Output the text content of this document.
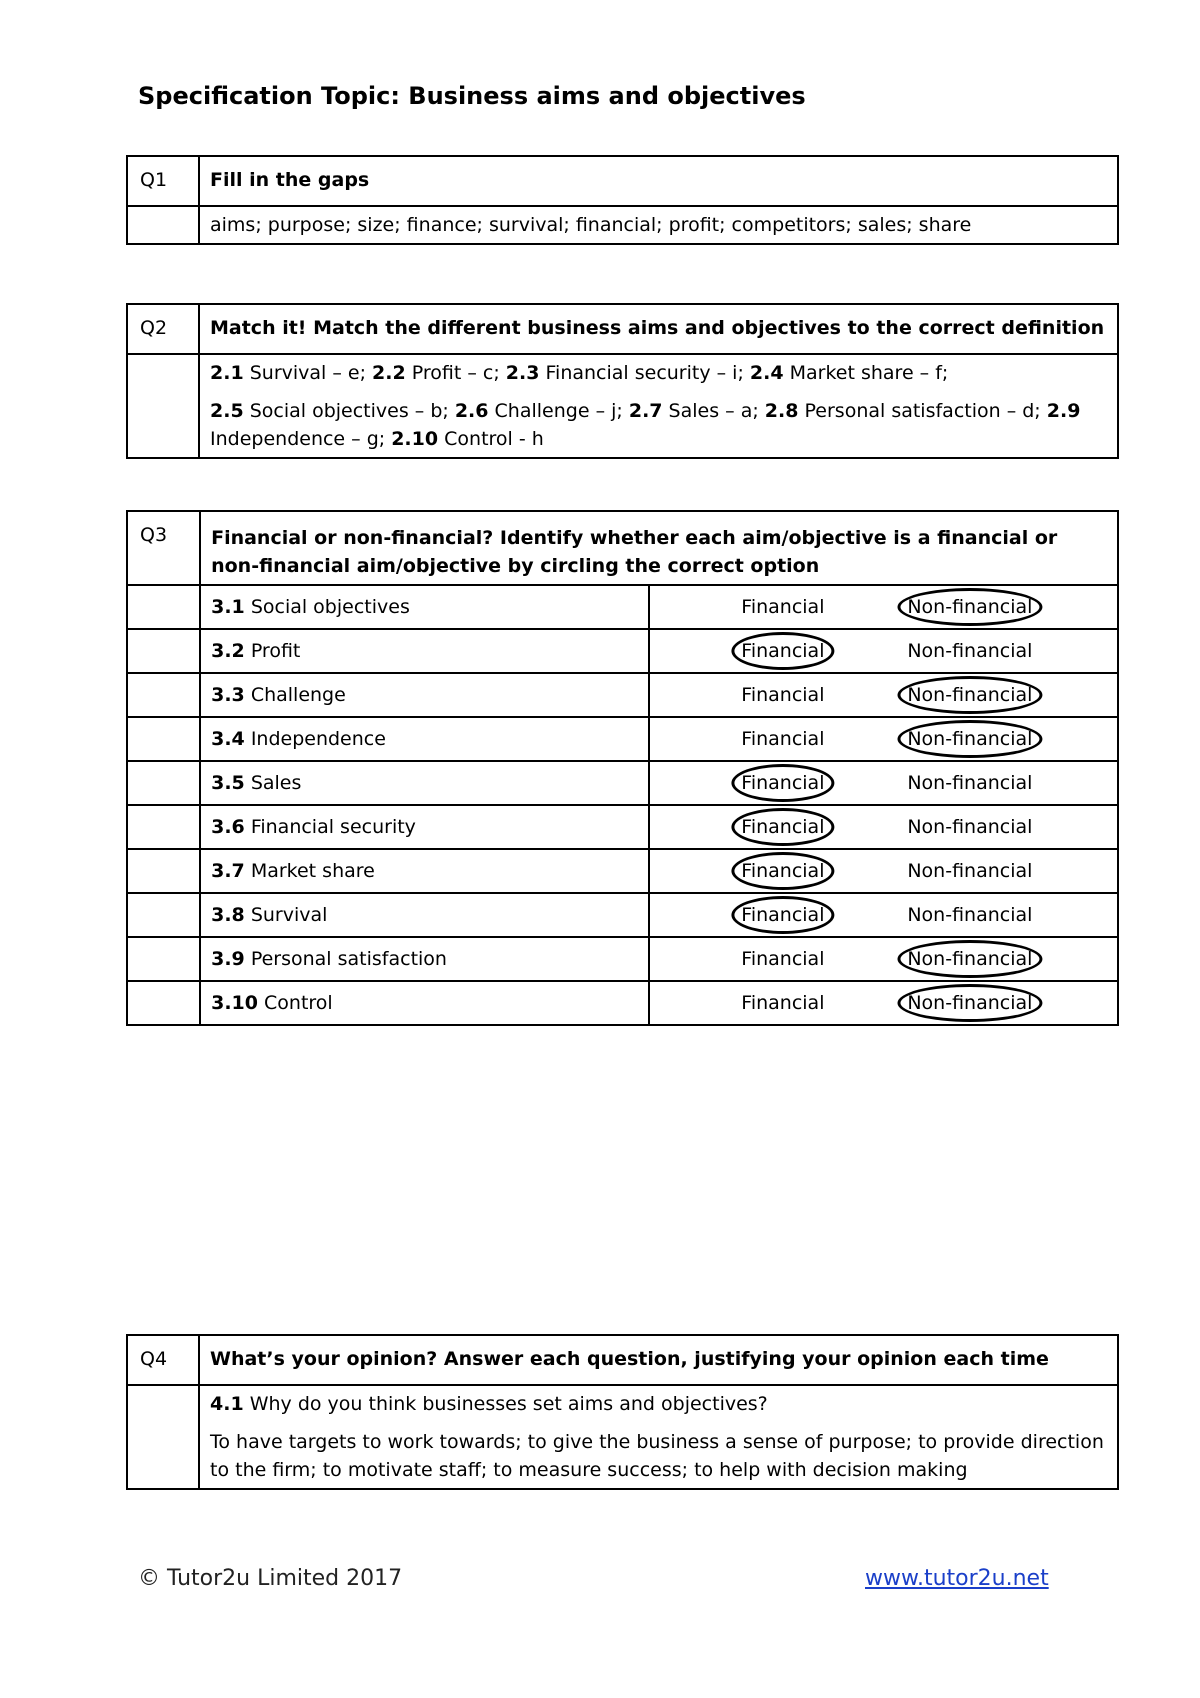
Specification Topic: Business aims and objectives
Q1	Fill in the gaps

	aims; purpose; size; finance; survival; financial; profit; competitors; sales; share
Q2	Match it! Match the different business aims and objectives to the correct definition

	2.1 Survival – e; 2.2 Profit – c; 2.3 Financial security – i; 2.4 Market share – f;
2.5 Social objectives – b; 2.6 Challenge – j; 2.7 Sales – a; 2.8 Personal satisfaction – d; 2.9 Independence – g; 2.10 Control - h
Q3	Financial or non-financial? Identify whether each aim/objective is a financial or non-financial aim/objective by circling the correct option	

	3.1 Social objectives	Financial Non-financial

	3.2 Profit	Financial Non-financial

	3.3 Challenge	Financial Non-financial

	3.4 Independence	Financial Non-financial

	3.5 Sales	Financial Non-financial

	3.6 Financial security	Financial Non-financial

	3.7 Market share	Financial Non-financial

	3.8 Survival	Financial Non-financial

	3.9 Personal satisfaction	Financial Non-financial

	3.10 Control	Financial Non-financial
Q4	What’s your opinion? Answer each question, justifying your opinion each time

	4.1 Why do you think businesses set aims and objectives?
To have targets to work towards; to give the business a sense of purpose; to provide direction to the firm; to motivate staff; to measure success; to help with decision making
© Tutor2u Limited 2017	www.tutor2u.net
